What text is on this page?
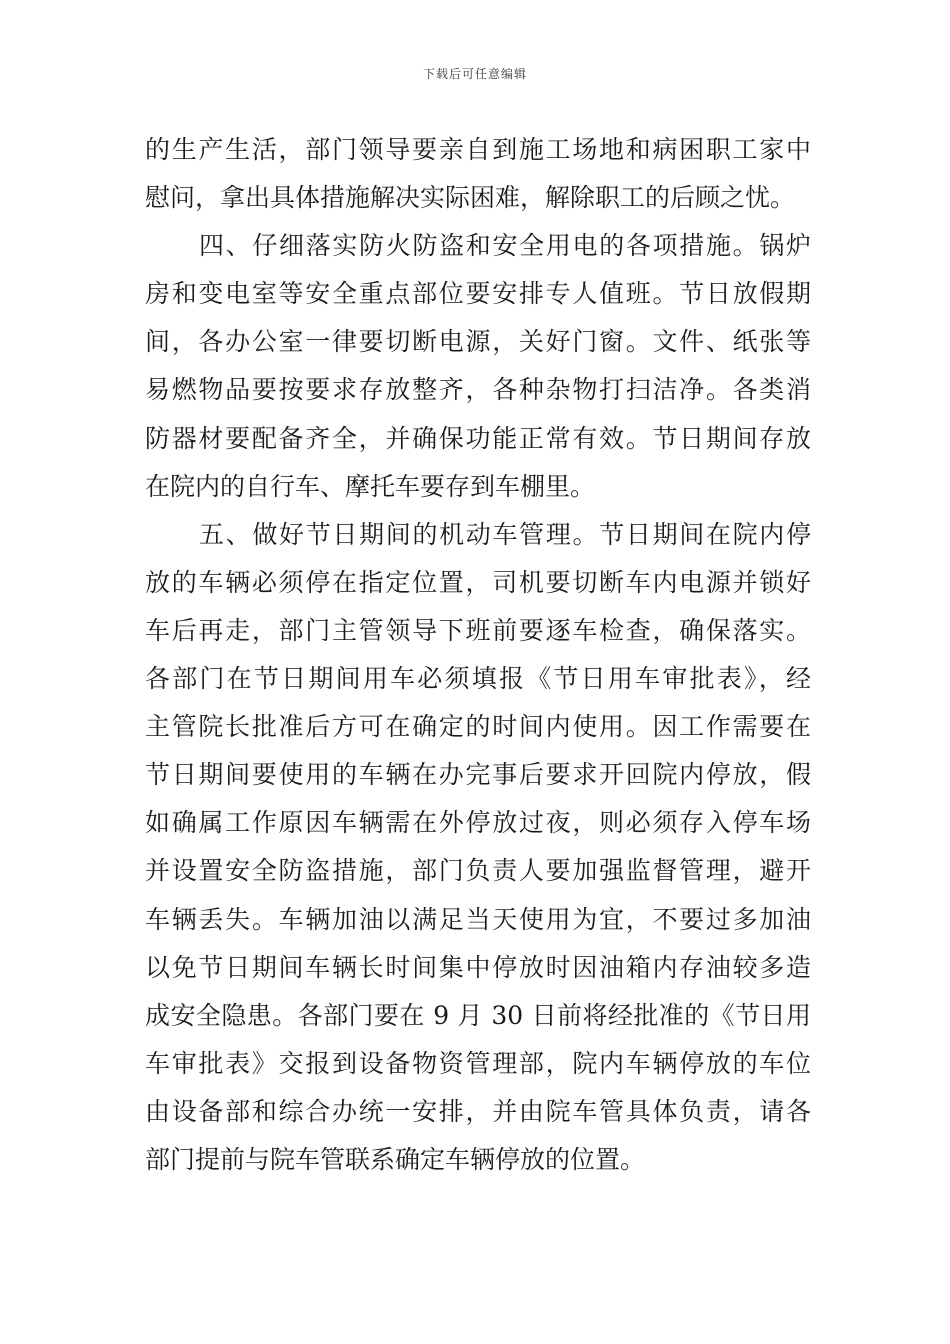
下载后可任意编辑
的生产生活，部门领导要亲自到施工场地和病困职工家中
慰问，拿出具体措施解决实际困难，解除职工的后顾之忧。
四、仔细落实防火防盗和安全用电的各项措施。锅炉
房和变电室等安全重点部位要安排专人值班。节日放假期
间，各办公室一律要切断电源，关好门窗。文件、纸张等
易燃物品要按要求存放整齐，各种杂物打扫洁净。各类消
防器材要配备齐全，并确保功能正常有效。节日期间存放
在院内的自行车、摩托车要存到车棚里。
五、做好节日期间的机动车管理。节日期间在院内停
放的车辆必须停在指定位置，司机要切断车内电源并锁好
车后再走，部门主管领导下班前要逐车检查，确保落实。
各部门在节日期间用车必须填报《节日用车审批表》，经
主管院长批准后方可在确定的时间内使用。因工作需要在
节日期间要使用的车辆在办完事后要求开回院内停放，假
如确属工作原因车辆需在外停放过夜，则必须存入停车场
并设置安全防盗措施，部门负责人要加强监督管理，避开
车辆丢失。车辆加油以满足当天使用为宜，不要过多加油
以免节日期间车辆长时间集中停放时因油箱内存油较多造
成安全隐患。各部门要在 9 月 30 日前将经批准的《节日用
车审批表》交报到设备物资管理部，院内车辆停放的车位
由设备部和综合办统一安排，并由院车管具体负责，请各
部门提前与院车管联系确定车辆停放的位置。
